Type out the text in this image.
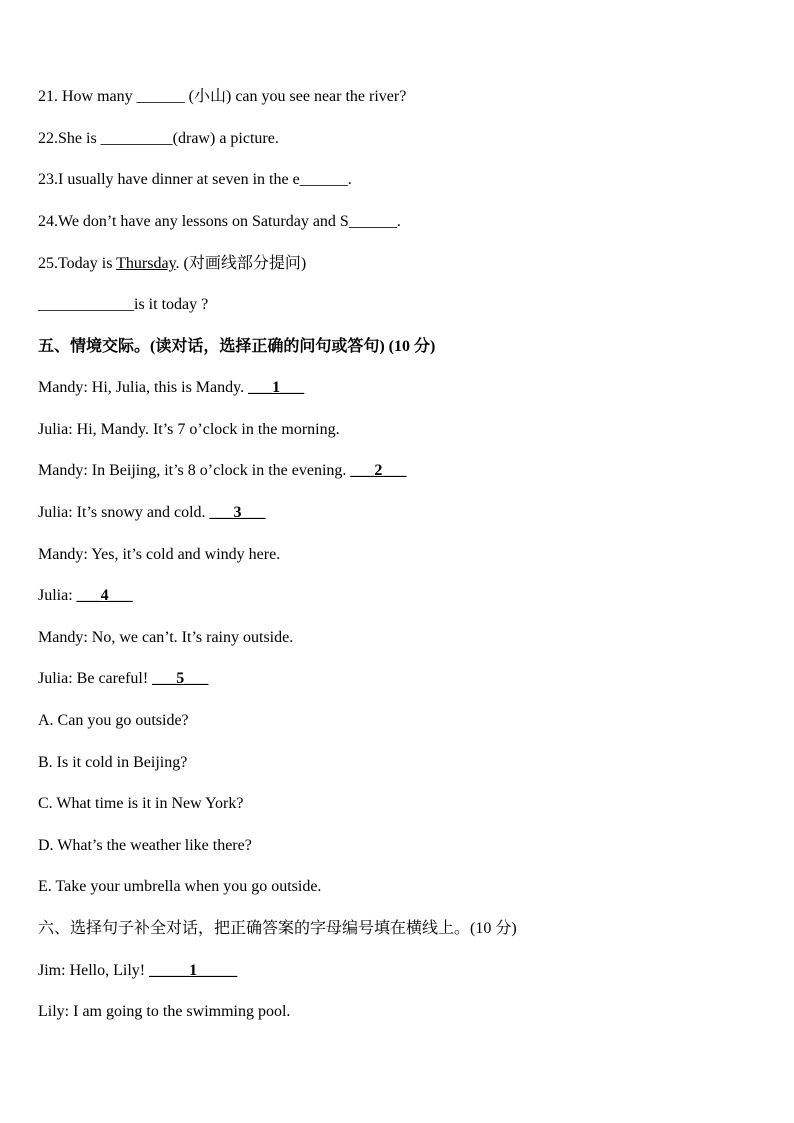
21. How many ______ (小山) can you see near the river?
22.She is _________(draw) a picture.
23.I usually have dinner at seven in the e______.
24.We don’t have any lessons on Saturday and S______.
25.Today is Thursday. (对画线部分提问)
____________is it today ?
五、情境交际。(读对话，选择正确的问句或答句) (10 分)
Mandy: Hi, Julia, this is Mandy. ___1___
Julia: Hi, Mandy. It’s 7 o’clock in the morning.
Mandy: In Beijing, it’s 8 o’clock in the evening. ___2___
Julia: It’s snowy and cold. ___3___
Mandy: Yes, it’s cold and windy here.
Julia: ___4___
Mandy: No, we can’t. It’s rainy outside.
Julia: Be careful! ___5___
A. Can you go outside?
B. Is it cold in Beijing?
C. What time is it in New York?
D. What’s the weather like there?
E. Take your umbrella when you go outside.
六、选择句子补全对话，把正确答案的字母编号填在横线上。(10 分)
Jim: Hello, Lily! _____1_____
Lily: I am going to the swimming pool.
